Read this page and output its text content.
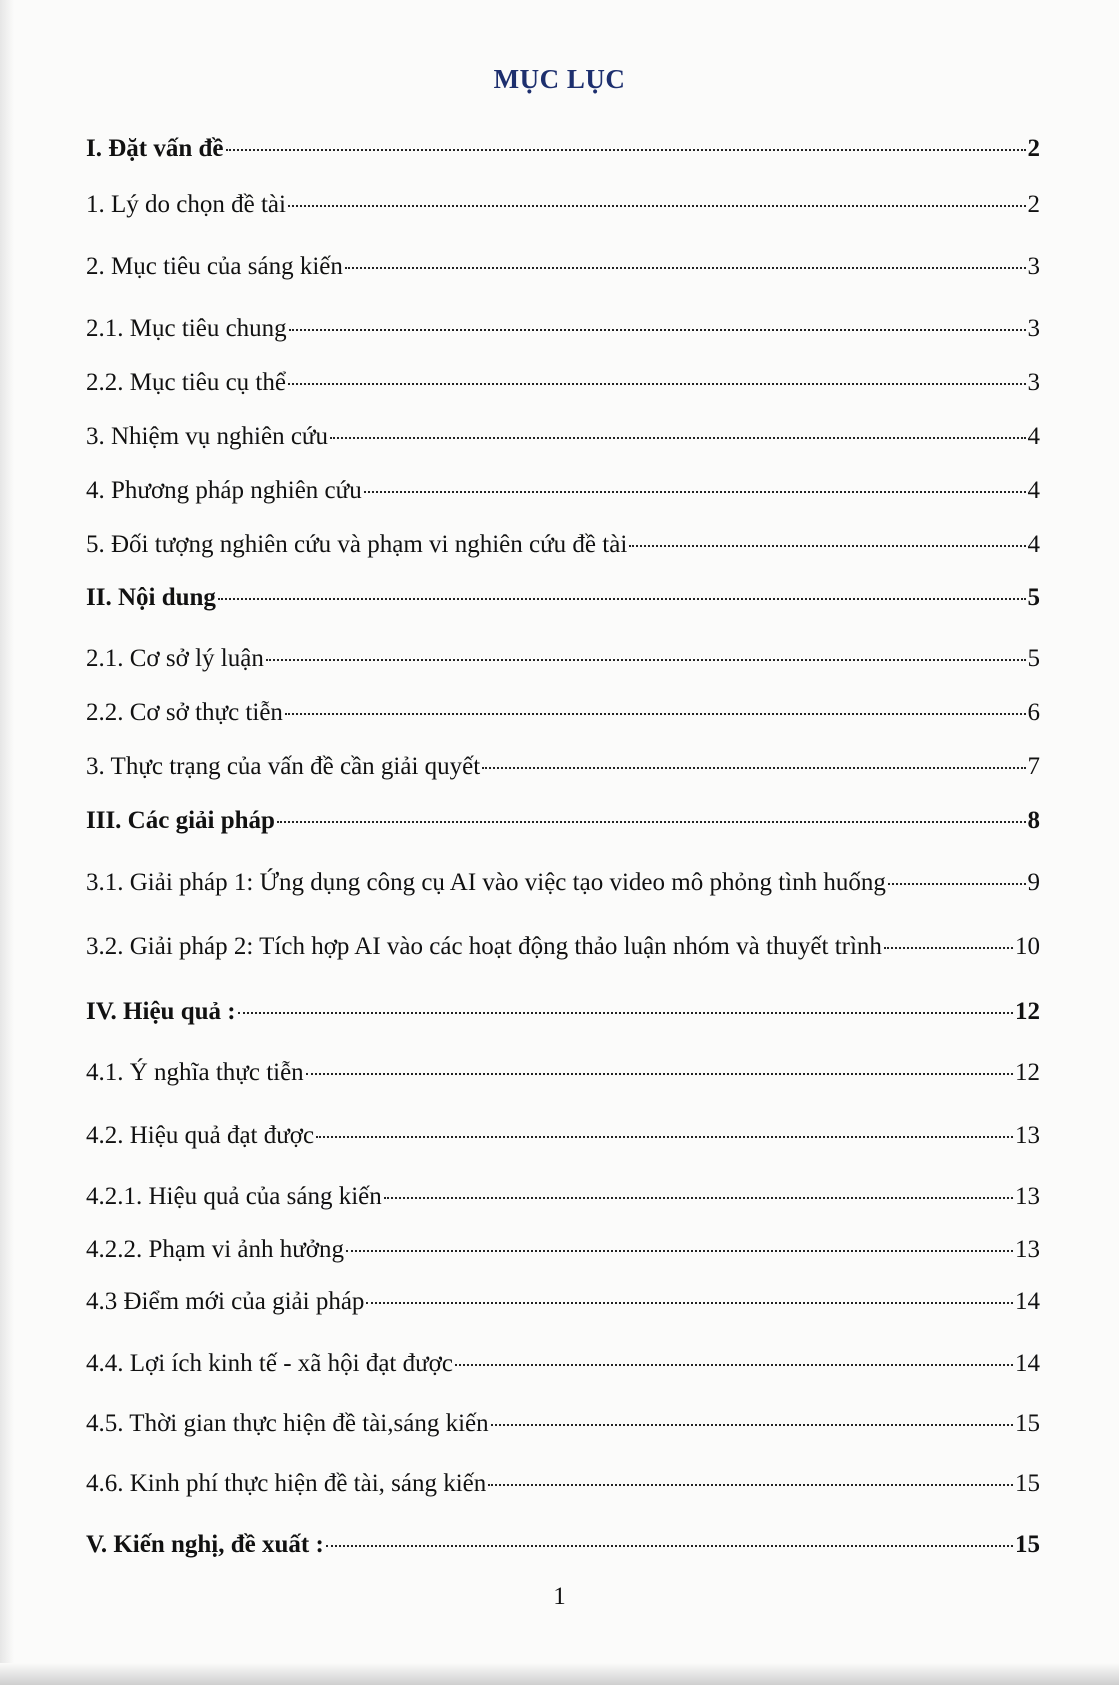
MỤC LỤC
I. Đặt vấn đề	2
1. Lý do chọn đề tài	2
2. Mục tiêu của sáng kiến	3
2.1. Mục tiêu chung	3
2.2. Mục tiêu cụ thể	3
3. Nhiệm vụ nghiên cứu	4
4. Phương pháp nghiên cứu	4
5. Đối tượng nghiên cứu và phạm vi nghiên cứu đề tài	4
II. Nội dung	5
2.1. Cơ sở lý luận	5
2.2. Cơ sở thực tiễn	6
3. Thực trạng của vấn đề cần giải quyết	7
III. Các giải pháp	8
3.1. Giải pháp 1: Ứng dụng công cụ AI vào việc tạo video mô phỏng tình huống	9
3.2. Giải pháp 2: Tích hợp AI vào các hoạt động thảo luận nhóm và thuyết trình	10
IV. Hiệu quả :	12
4.1. Ý nghĩa thực tiễn	12
4.2. Hiệu quả đạt được	13
4.2.1. Hiệu quả của sáng kiến	13
4.2.2. Phạm vi ảnh hưởng	13
4.3 Điểm mới của giải pháp	14
4.4. Lợi ích kinh tế - xã hội đạt được	14
4.5. Thời gian thực hiện đề tài,sáng kiến	15
4.6. Kinh phí thực hiện đề tài, sáng kiến	15
V. Kiến nghị, đề xuất :	15
1
